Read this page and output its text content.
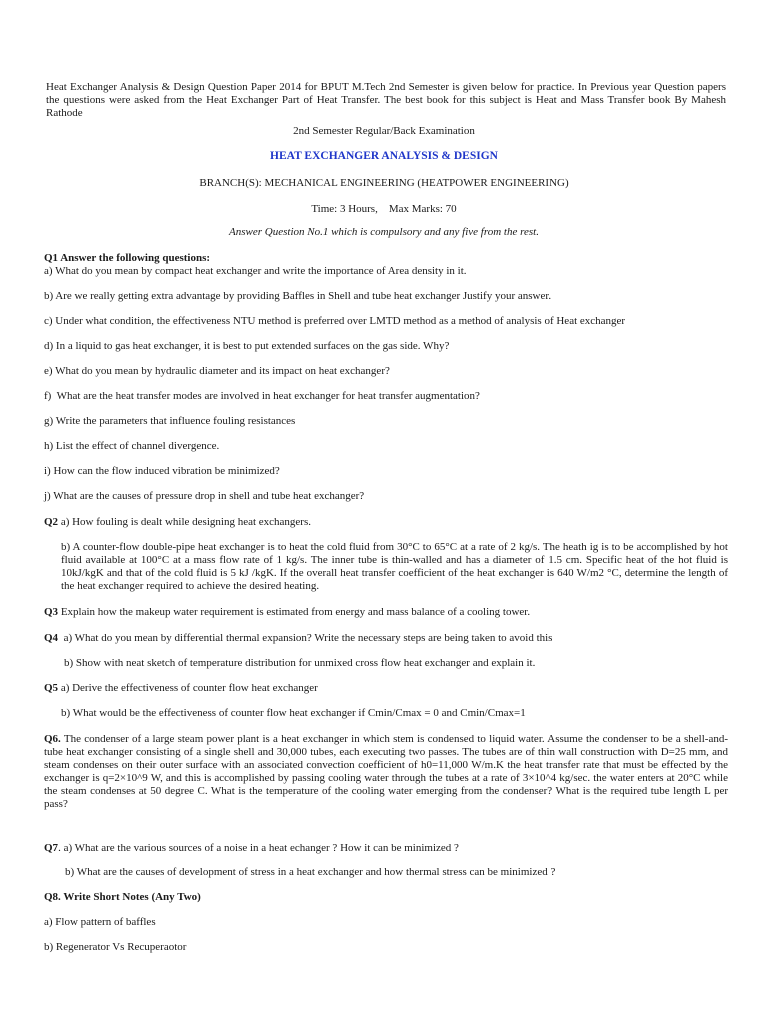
Heat Exchanger Analysis & Design Question Paper 2014 for BPUT M.Tech 2nd Semester is given below for practice. In Previous year Question papers the questions were asked from the Heat Exchanger Part of Heat Transfer. The best book for this subject is Heat and Mass Transfer book By Mahesh Rathode
2nd Semester Regular/Back Examination
HEAT EXCHANGER ANALYSIS & DESIGN
BRANCH(S): MECHANICAL ENGINEERING (HEATPOWER ENGINEERING)
Time: 3 Hours,    Max Marks: 70
Answer Question No.1 which is compulsory and any five from the rest.
Q1 Answer the following questions:
a) What do you mean by compact heat exchanger and write the importance of Area density in it.
b) Are we really getting extra advantage by providing Baffles in Shell and tube heat exchanger Justify your answer.
c) Under what condition, the effectiveness NTU method is preferred over LMTD method as a method of analysis of Heat exchanger
d) In a liquid to gas heat exchanger, it is best to put extended surfaces on the gas side. Why?
e) What do you mean by hydraulic diameter and its impact on heat exchanger?
f)  What are the heat transfer modes are involved in heat exchanger for heat transfer augmentation?
g) Write the parameters that influence fouling resistances
h) List the effect of channel divergence.
i) How can the flow induced vibration be minimized?
j) What are the causes of pressure drop in shell and tube heat exchanger?
Q2 a) How fouling is dealt while designing heat exchangers.
b) A counter-flow double-pipe heat exchanger is to heat the cold fluid from 30°C to 65°C at a rate of 2 kg/s. The heath ig is to be accomplished by hot fluid available at 100°C at a mass flow rate of 1 kg/s. The inner tube is thin-walled and has a diameter of 1.5 cm. Specific heat of the hot fluid is 10kJ/kgK and that of the cold fluid is 5 kJ /kgK. If the overall heat transfer coefficient of the heat exchanger is 640 W/m2 °C, determine the length of the heat exchanger required to achieve the desired heating.
Q3 Explain how the makeup water requirement is estimated from energy and mass balance of a cooling tower.
Q4  a) What do you mean by differential thermal expansion? Write the necessary steps are being taken to avoid this
b) Show with neat sketch of temperature distribution for unmixed cross flow heat exchanger and explain it.
Q5 a) Derive the effectiveness of counter flow heat exchanger
b) What would be the effectiveness of counter flow heat exchanger if Cmin/Cmax = 0 and Cmin/Cmax=1
Q6. The condenser of a large steam power plant is a heat exchanger in which stem is condensed to liquid water. Assume the condenser to be a shell-and-tube heat exchanger consisting of a single shell and 30,000 tubes, each executing two passes. The tubes are of thin wall construction with D=25 mm, and steam condenses on their outer surface with an associated convection coefficient of h0=11,000 W/m.K the heat transfer rate that must be effected by the exchanger is q=2×10^9 W, and this is accomplished by passing cooling water through the tubes at a rate of 3×10^4 kg/sec. the water enters at 20°C while the steam condenses at 50 degree C. What is the temperature of the cooling water emerging from the condenser? What is the required tube length L per pass?
Q7. a) What are the various sources of a noise in a heat echanger ? How it can be minimized ?
b) What are the causes of development of stress in a heat exchanger and how thermal stress can be minimized ?
Q8. Write Short Notes (Any Two)
a) Flow pattern of baffles
b) Regenerator Vs Recuperaotor
